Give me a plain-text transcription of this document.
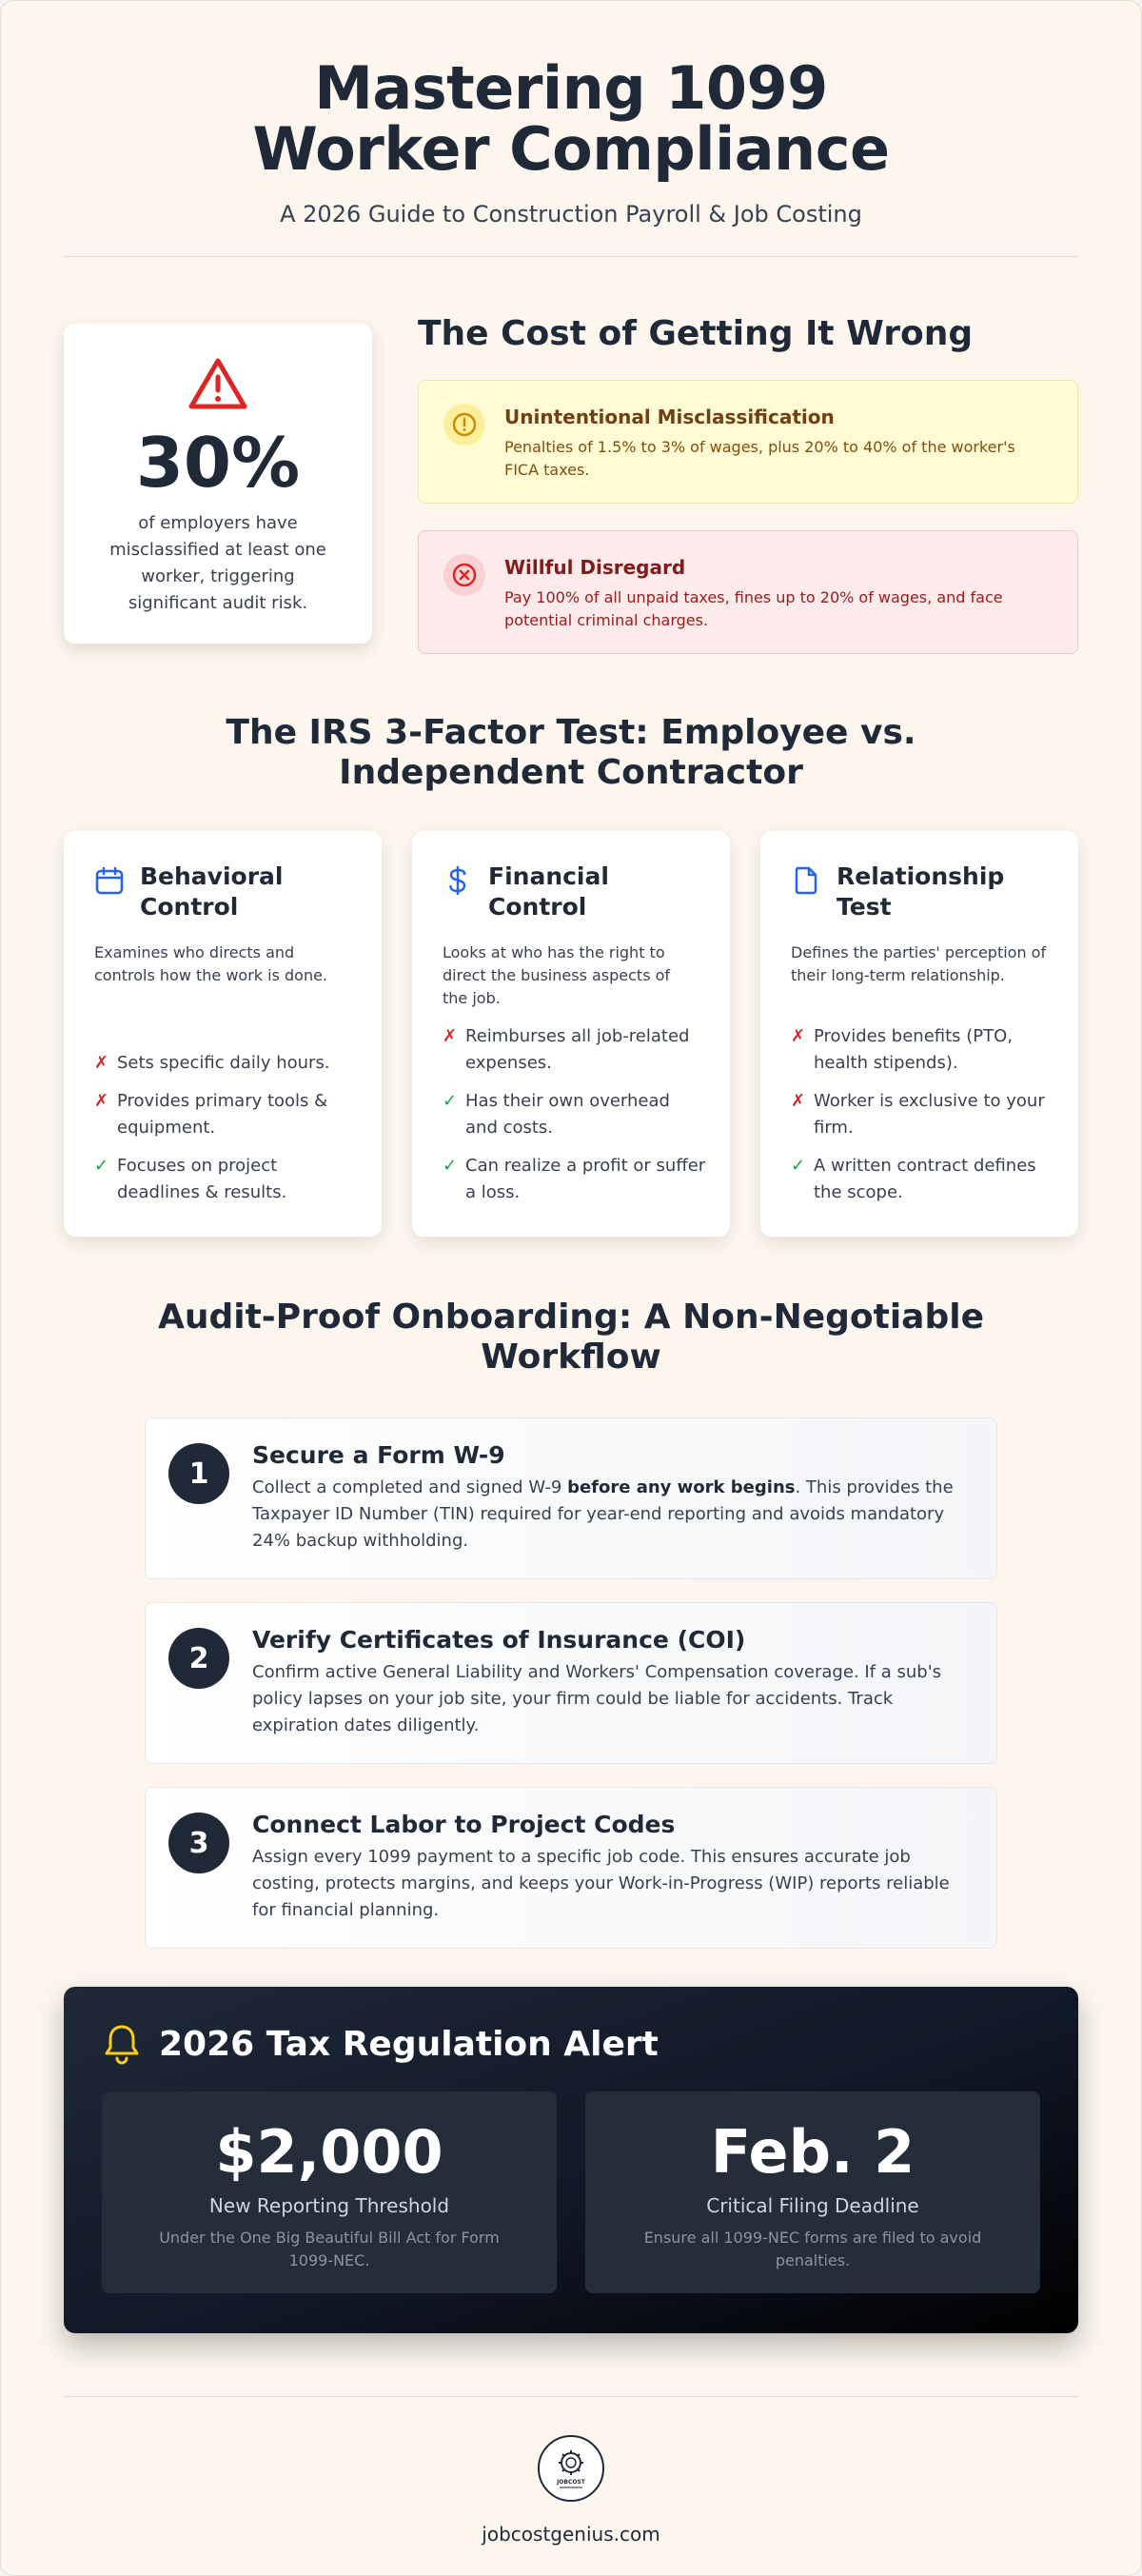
Mastering 1099 Worker Compliance
A 2026 Guide to Construction Payroll & Job Costing
30%
of employers have misclassified at least one worker, triggering significant audit risk.
The Cost of Getting It Wrong
Unintentional Misclassification
Penalties of 1.5% to 3% of wages, plus 20% to 40% of the worker's FICA taxes.
Willful Disregard
Pay 100% of all unpaid taxes, fines up to 20% of wages, and face potential criminal charges.
The IRS 3-Factor Test: Employee vs. Independent Contractor
Behavioral Control
Examines who directs and controls how the work is done.
✗ Sets specific daily hours.
✗ Provides primary tools & equipment.
✓ Focuses on project deadlines & results.
Financial Control
Looks at who has the right to direct the business aspects of the job.
✗ Reimburses all job-related expenses.
✓ Has their own overhead and costs.
✓ Can realize a profit or suffer a loss.
Relationship Test
Defines the parties' perception of their long-term relationship.
✗ Provides benefits (PTO, health stipends).
✗ Worker is exclusive to your firm.
✓ A written contract defines the scope.
Audit-Proof Onboarding: A Non-Negotiable Workflow
1
Secure a Form W-9
Collect a completed and signed W-9 before any work begins. This provides the Taxpayer ID Number (TIN) required for year-end reporting and avoids mandatory 24% backup withholding.
2
Verify Certificates of Insurance (COI)
Confirm active General Liability and Workers' Compensation coverage. If a sub's policy lapses on your job site, your firm could be liable for accidents. Track expiration dates diligently.
3
Connect Labor to Project Codes
Assign every 1099 payment to a specific job code. This ensures accurate job costing, protects margins, and keeps your Work-in-Progress (WIP) reports reliable for financial planning.
2026 Tax Regulation Alert
$2,000
New Reporting Threshold
Under the One Big Beautiful Bill Act for Form 1099-NEC.
Feb. 2
Critical Filing Deadline
Ensure all 1099-NEC forms are filed to avoid penalties.
JOBCOST
jobcostgenius.com
